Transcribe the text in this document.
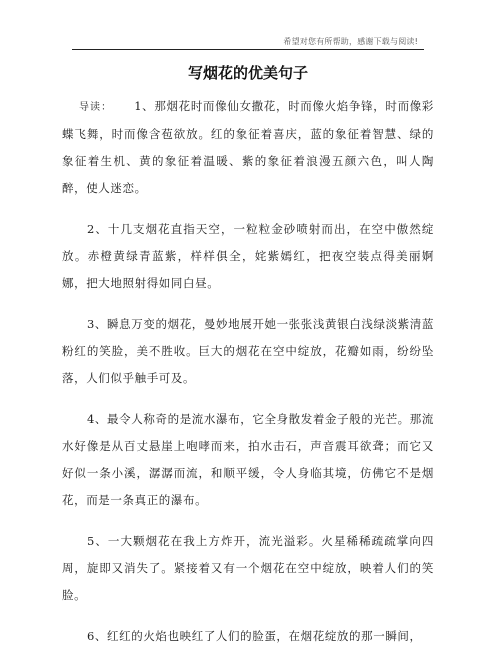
希望对您有所帮助，感谢下载与阅读!
写烟花的优美句子

导读： 1、那烟花时而像仙女撒花，时而像火焰争锋，时而像彩蝶飞舞，时而像含苞欲放。红的象征着喜庆，蓝的象征着智慧、绿的象征着生机、黄的象征着温暖、紫的象征着浪漫五颜六色，叫人陶醉，使人迷恋。

2、十几支烟花直指天空，一粒粒金砂喷射而出，在空中傲然绽放。赤橙黄绿青蓝紫，样样俱全，姹紫嫣红，把夜空装点得美丽婀娜，把大地照射得如同白昼。

3、瞬息万变的烟花，曼妙地展开她一张张浅黄银白浅绿淡紫清蓝粉红的笑脸，美不胜收。巨大的烟花在空中绽放，花瓣如雨，纷纷坠落，人们似乎触手可及。

4、最令人称奇的是流水瀑布，它全身散发着金子般的光芒。那流水好像是从百丈悬崖上咆哮而来，拍水击石，声音震耳欲聋；而它又好似一条小溪，潺潺而流，和顺平缓，令人身临其境，仿佛它不是烟花，而是一条真正的瀑布。

5、一大颗烟花在我上方炸开，流光溢彩。火星稀稀疏疏掌向四周，旋即又消失了。紧接着又有一个烟花在空中绽放，映着人们的笑脸。

6、红红的火焰也映红了人们的脸蛋，在烟花绽放的那一瞬间，
